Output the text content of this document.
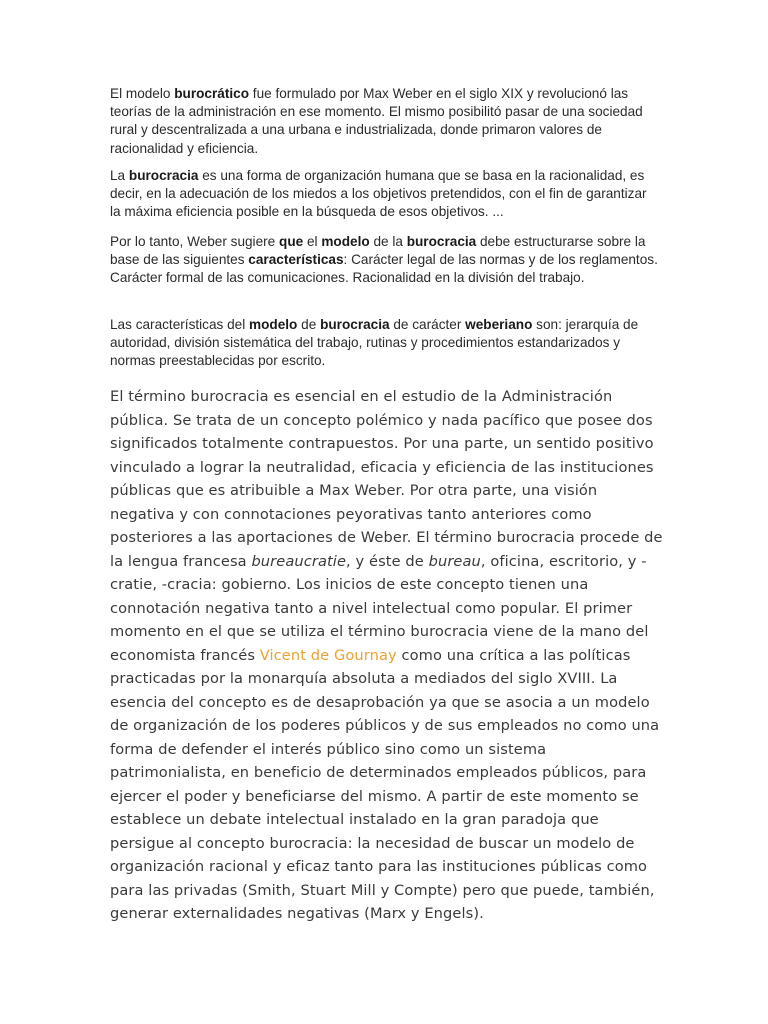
El modelo burocrático fue formulado por Max Weber en el siglo XIX y revolucionó las teorías de la administración en ese momento. El mismo posibilitó pasar de una sociedad rural y descentralizada a una urbana e industrializada, donde primaron valores de racionalidad y eficiencia.

La burocracia es una forma de organización humana que se basa en la racionalidad, es decir, en la adecuación de los miedos a los objetivos pretendidos, con el fin de garantizar la máxima eficiencia posible en la búsqueda de esos objetivos. ...

Por lo tanto, Weber sugiere que el modelo de la burocracia debe estructurarse sobre la base de las siguientes características: Carácter legal de las normas y de los reglamentos. Carácter formal de las comunicaciones. Racionalidad en la división del trabajo.

Las características del modelo de burocracia de carácter weberiano son: jerarquía de autoridad, división sistemática del trabajo, rutinas y procedimientos estandarizados y normas preestablecidas por escrito.

El término burocracia es esencial en el estudio de la Administración pública. Se trata de un concepto polémico y nada pacífico que posee dos significados totalmente contrapuestos. Por una parte, un sentido positivo vinculado a lograr la neutralidad, eficacia y eficiencia de las instituciones públicas que es atribuible a Max Weber. Por otra parte, una visión negativa y con connotaciones peyorativas tanto anteriores como posteriores a las aportaciones de Weber. El término burocracia procede de la lengua francesa bureaucratie, y éste de bureau, oficina, escritorio, y -cratie, -cracia: gobierno. Los inicios de este concepto tienen una connotación negativa tanto a nivel intelectual como popular. El primer momento en el que se utiliza el término burocracia viene de la mano del economista francés Vicent de Gournay como una crítica a las políticas practicadas por la monarquía absoluta a mediados del siglo XVIII. La esencia del concepto es de desaprobación ya que se asocia a un modelo de organización de los poderes públicos y de sus empleados no como una forma de defender el interés público sino como un sistema patrimonialista, en beneficio de determinados empleados públicos, para ejercer el poder y beneficiarse del mismo. A partir de este momento se establece un debate intelectual instalado en la gran paradoja que persigue al concepto burocracia: la necesidad de buscar un modelo de organización racional y eficaz tanto para las instituciones públicas como para las privadas (Smith, Stuart Mill y Compte) pero que puede, también, generar externalidades negativas (Marx y Engels).
